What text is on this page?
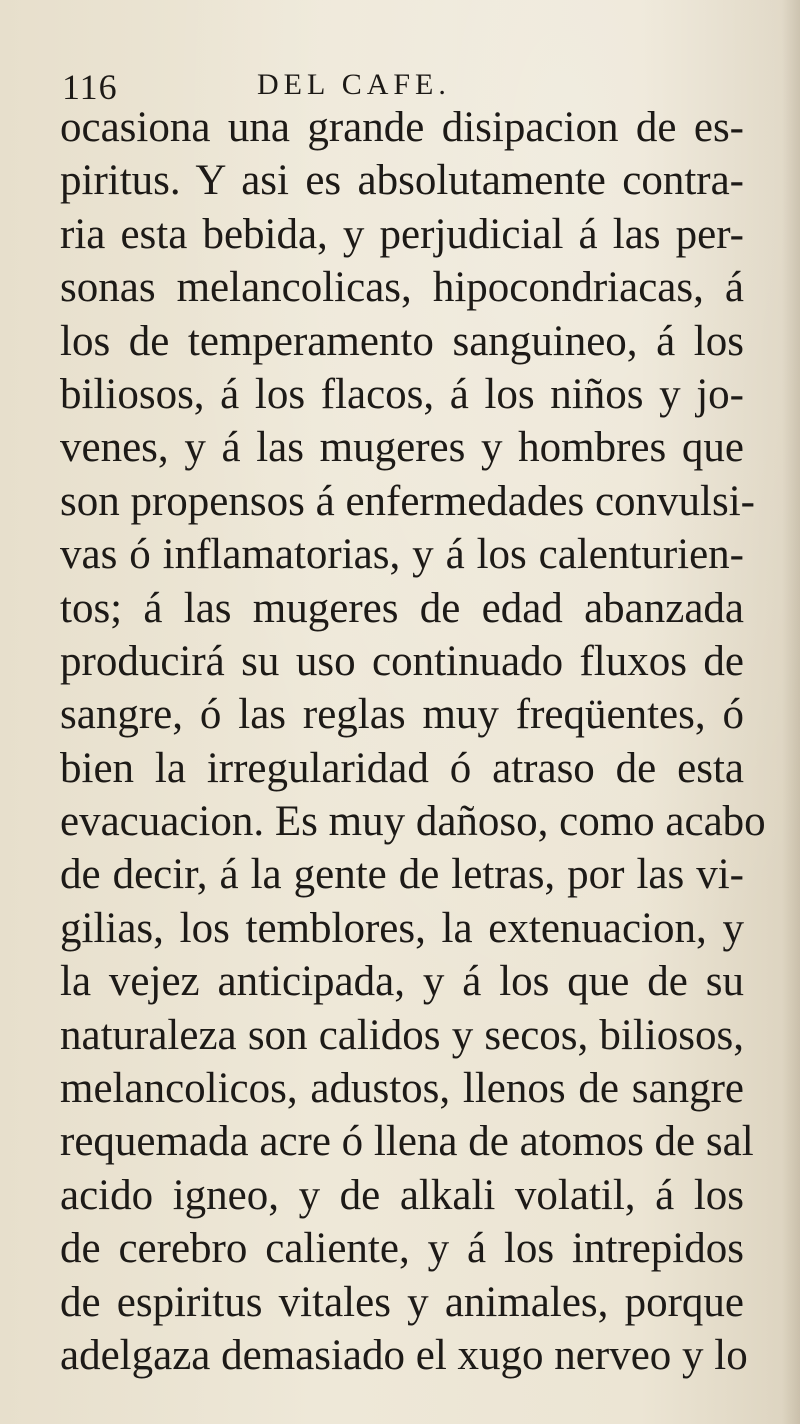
116	DEL CAFE.
ocasiona una grande disipacion de es-
piritus. Y asi es absolutamente contra-
ria esta bebida, y perjudicial á las per-
sonas melancolicas, hipocondriacas, á
los de temperamento sanguineo, á los
biliosos, á los flacos, á los niños y jo-
venes, y á las mugeres y hombres que
son propensos á enfermedades convulsi-
vas ó inflamatorias, y á los calenturien-
tos; á las mugeres de edad abanzada
producirá su uso continuado fluxos de
sangre, ó las reglas muy freqüentes, ó
bien la irregularidad ó atraso de esta
evacuacion. Es muy dañoso, como acabo
de decir, á la gente de letras, por las vi-
gilias, los temblores, la extenuacion, y
la vejez anticipada, y á los que de su
naturaleza son calidos y secos, biliosos,
melancolicos, adustos, llenos de sangre
requemada acre ó llena de atomos de sal
acido igneo, y de alkali volatil, á los
de cerebro caliente, y á los intrepidos
de espiritus vitales y animales, porque
adelgaza demasiado el xugo nerveo y lo
